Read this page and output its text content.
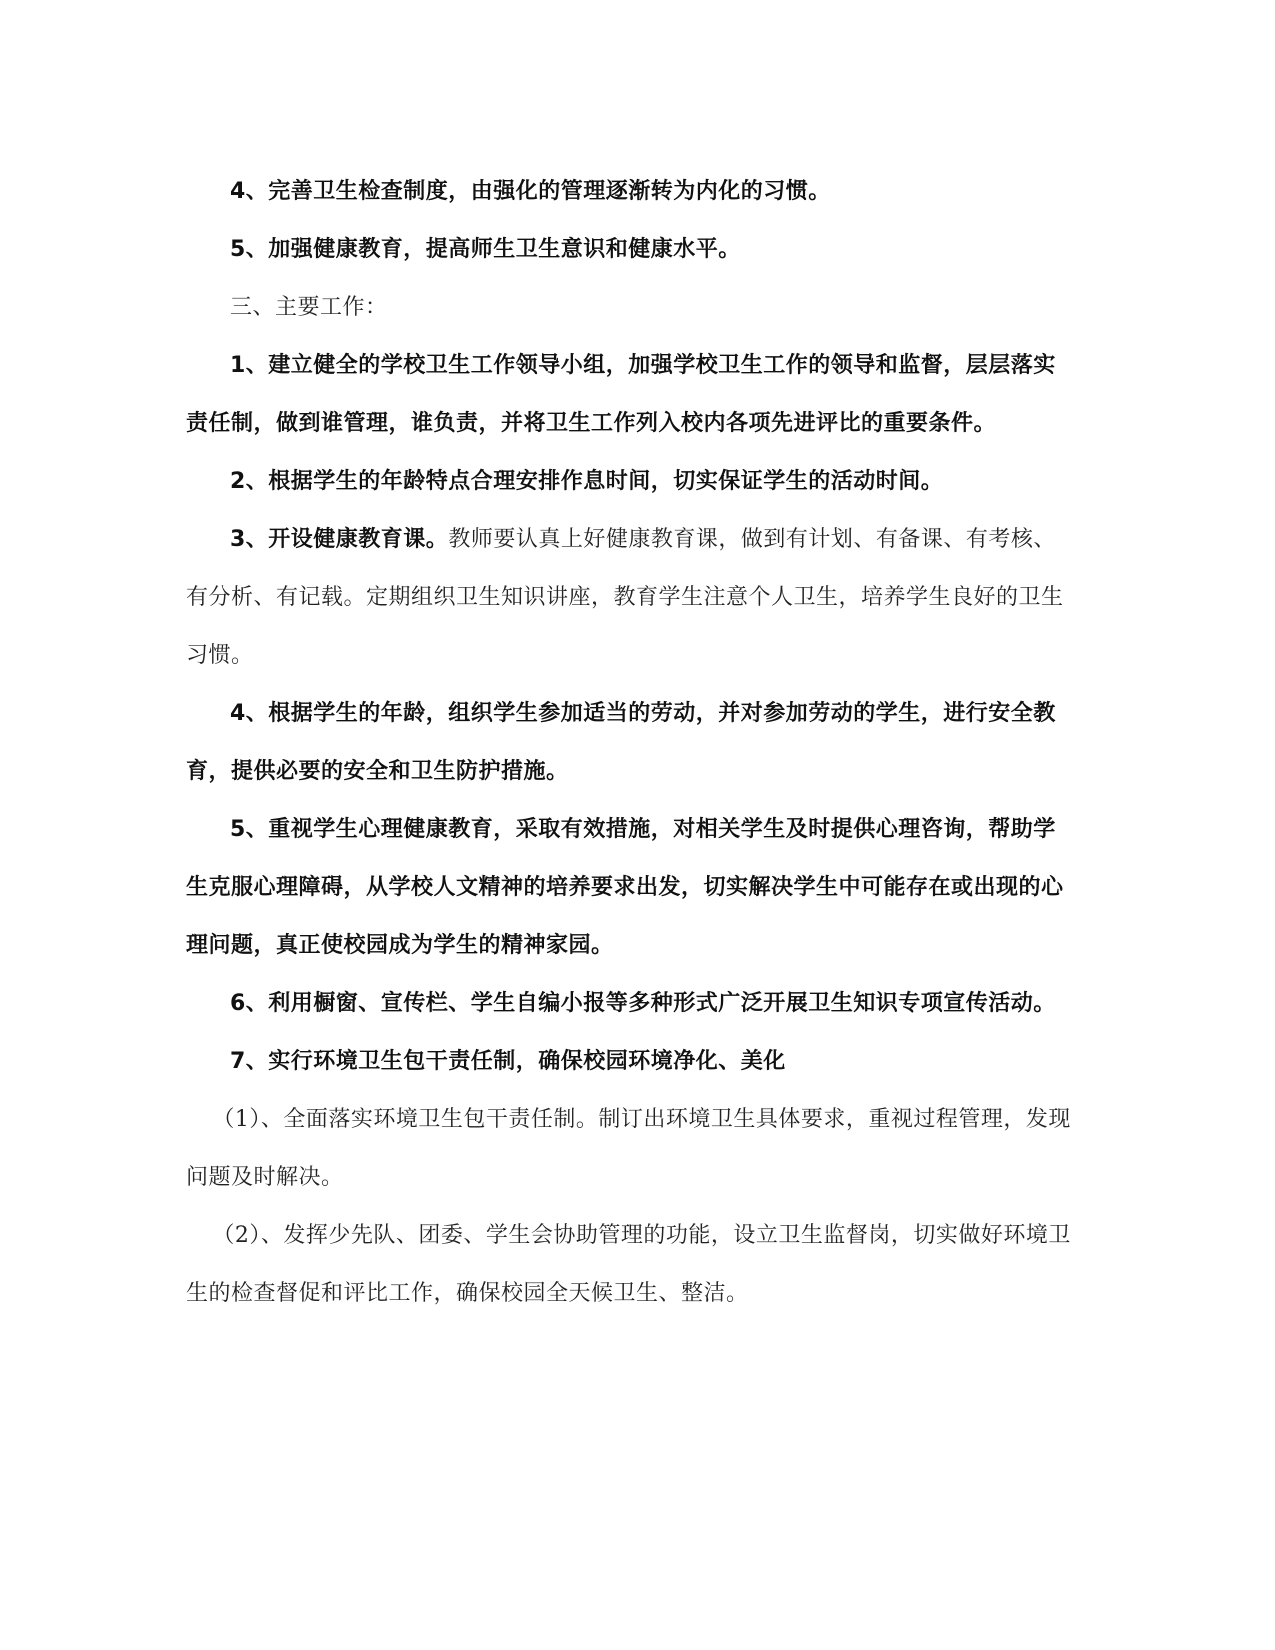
4、完善卫生检查制度，由强化的管理逐渐转为内化的习惯。

5、加强健康教育，提高师生卫生意识和健康水平。

三、主要工作：

1、建立健全的学校卫生工作领导小组，加强学校卫生工作的领导和监督，层层落实责任制，做到谁管理，谁负责，并将卫生工作列入校内各项先进评比的重要条件。

2、根据学生的年龄特点合理安排作息时间，切实保证学生的活动时间。

3、开设健康教育课。教师要认真上好健康教育课，做到有计划、有备课、有考核、有分析、有记载。定期组织卫生知识讲座，教育学生注意个人卫生，培养学生良好的卫生习惯。

4、根据学生的年龄，组织学生参加适当的劳动，并对参加劳动的学生，进行安全教育，提供必要的安全和卫生防护措施。

5、重视学生心理健康教育，采取有效措施，对相关学生及时提供心理咨询，帮助学生克服心理障碍，从学校人文精神的培养要求出发，切实解决学生中可能存在或出现的心理问题，真正使校园成为学生的精神家园。

6、利用橱窗、宣传栏、学生自编小报等多种形式广泛开展卫生知识专项宣传活动。

7、实行环境卫生包干责任制，确保校园环境净化、美化

（1）、全面落实环境卫生包干责任制。制订出环境卫生具体要求，重视过程管理，发现问题及时解决。

（2）、发挥少先队、团委、学生会协助管理的功能，设立卫生监督岗，切实做好环境卫生的检查督促和评比工作，确保校园全天候卫生、整洁。
